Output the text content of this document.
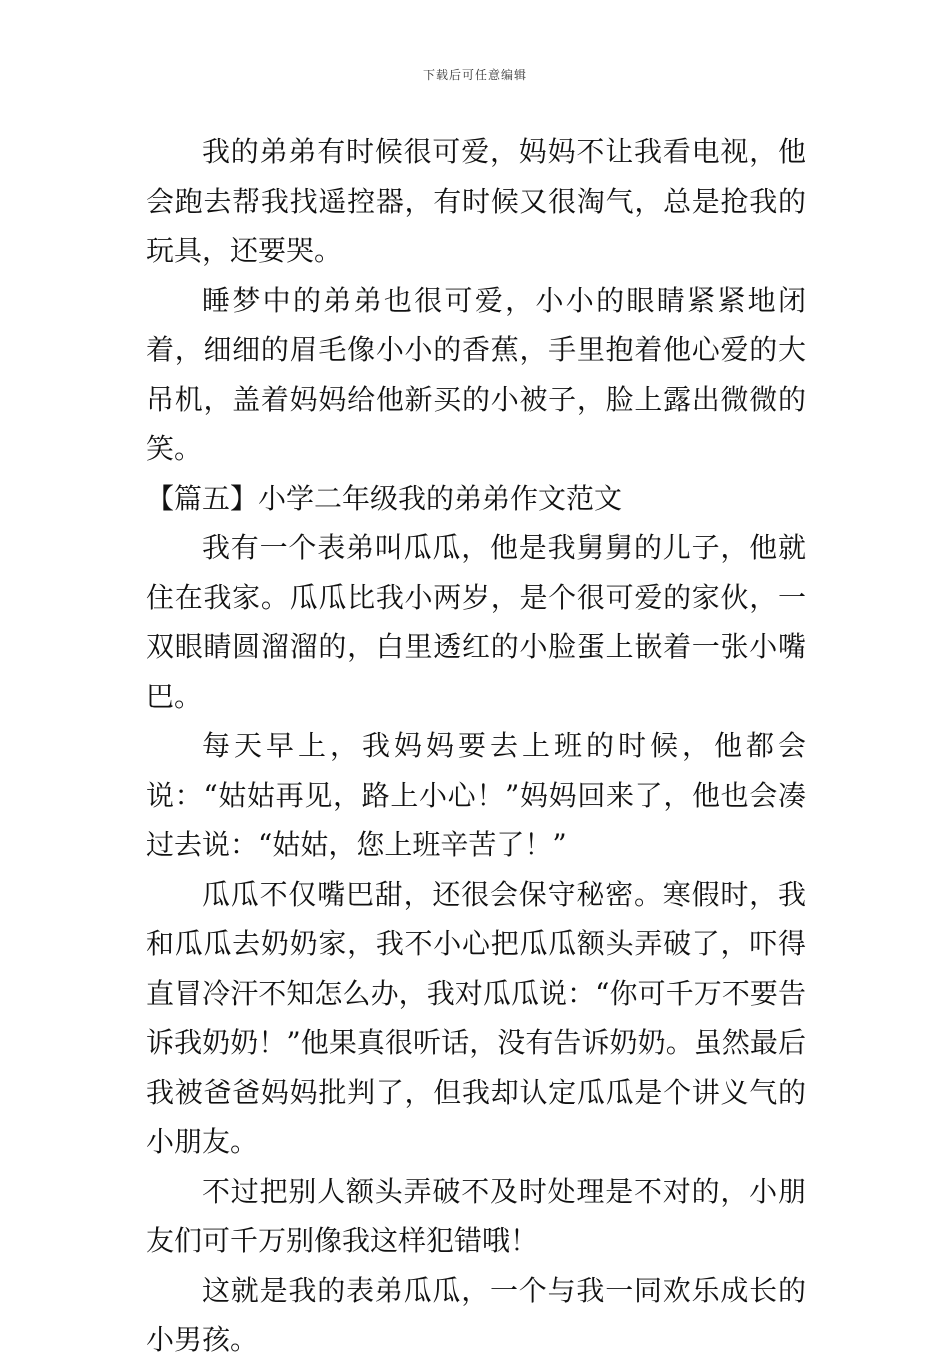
下载后可任意编辑

我的弟弟有时候很可爱，妈妈不让我看电视，他会跑去帮我找遥控器，有时候又很淘气，总是抢我的玩具，还要哭。

睡梦中的弟弟也很可爱，小小的眼睛紧紧地闭着，细细的眉毛像小小的香蕉，手里抱着他心爱的大吊机，盖着妈妈给他新买的小被子，脸上露出微微的笑。

【篇五】小学二年级我的弟弟作文范文

我有一个表弟叫瓜瓜，他是我舅舅的儿子，他就住在我家。瓜瓜比我小两岁，是个很可爱的家伙，一双眼睛圆溜溜的，白里透红的小脸蛋上嵌着一张小嘴巴。

每天早上，我妈妈要去上班的时候，他都会说：“姑姑再见，路上小心！”妈妈回来了，他也会凑过去说：“姑姑，您上班辛苦了！”

瓜瓜不仅嘴巴甜，还很会保守秘密。寒假时，我和瓜瓜去奶奶家，我不小心把瓜瓜额头弄破了，吓得直冒冷汗不知怎么办，我对瓜瓜说：“你可千万不要告诉我奶奶！”他果真很听话，没有告诉奶奶。虽然最后我被爸爸妈妈批判了，但我却认定瓜瓜是个讲义气的小朋友。

不过把别人额头弄破不及时处理是不对的，小朋友们可千万别像我这样犯错哦！

这就是我的表弟瓜瓜，一个与我一同欢乐成长的小男孩。
